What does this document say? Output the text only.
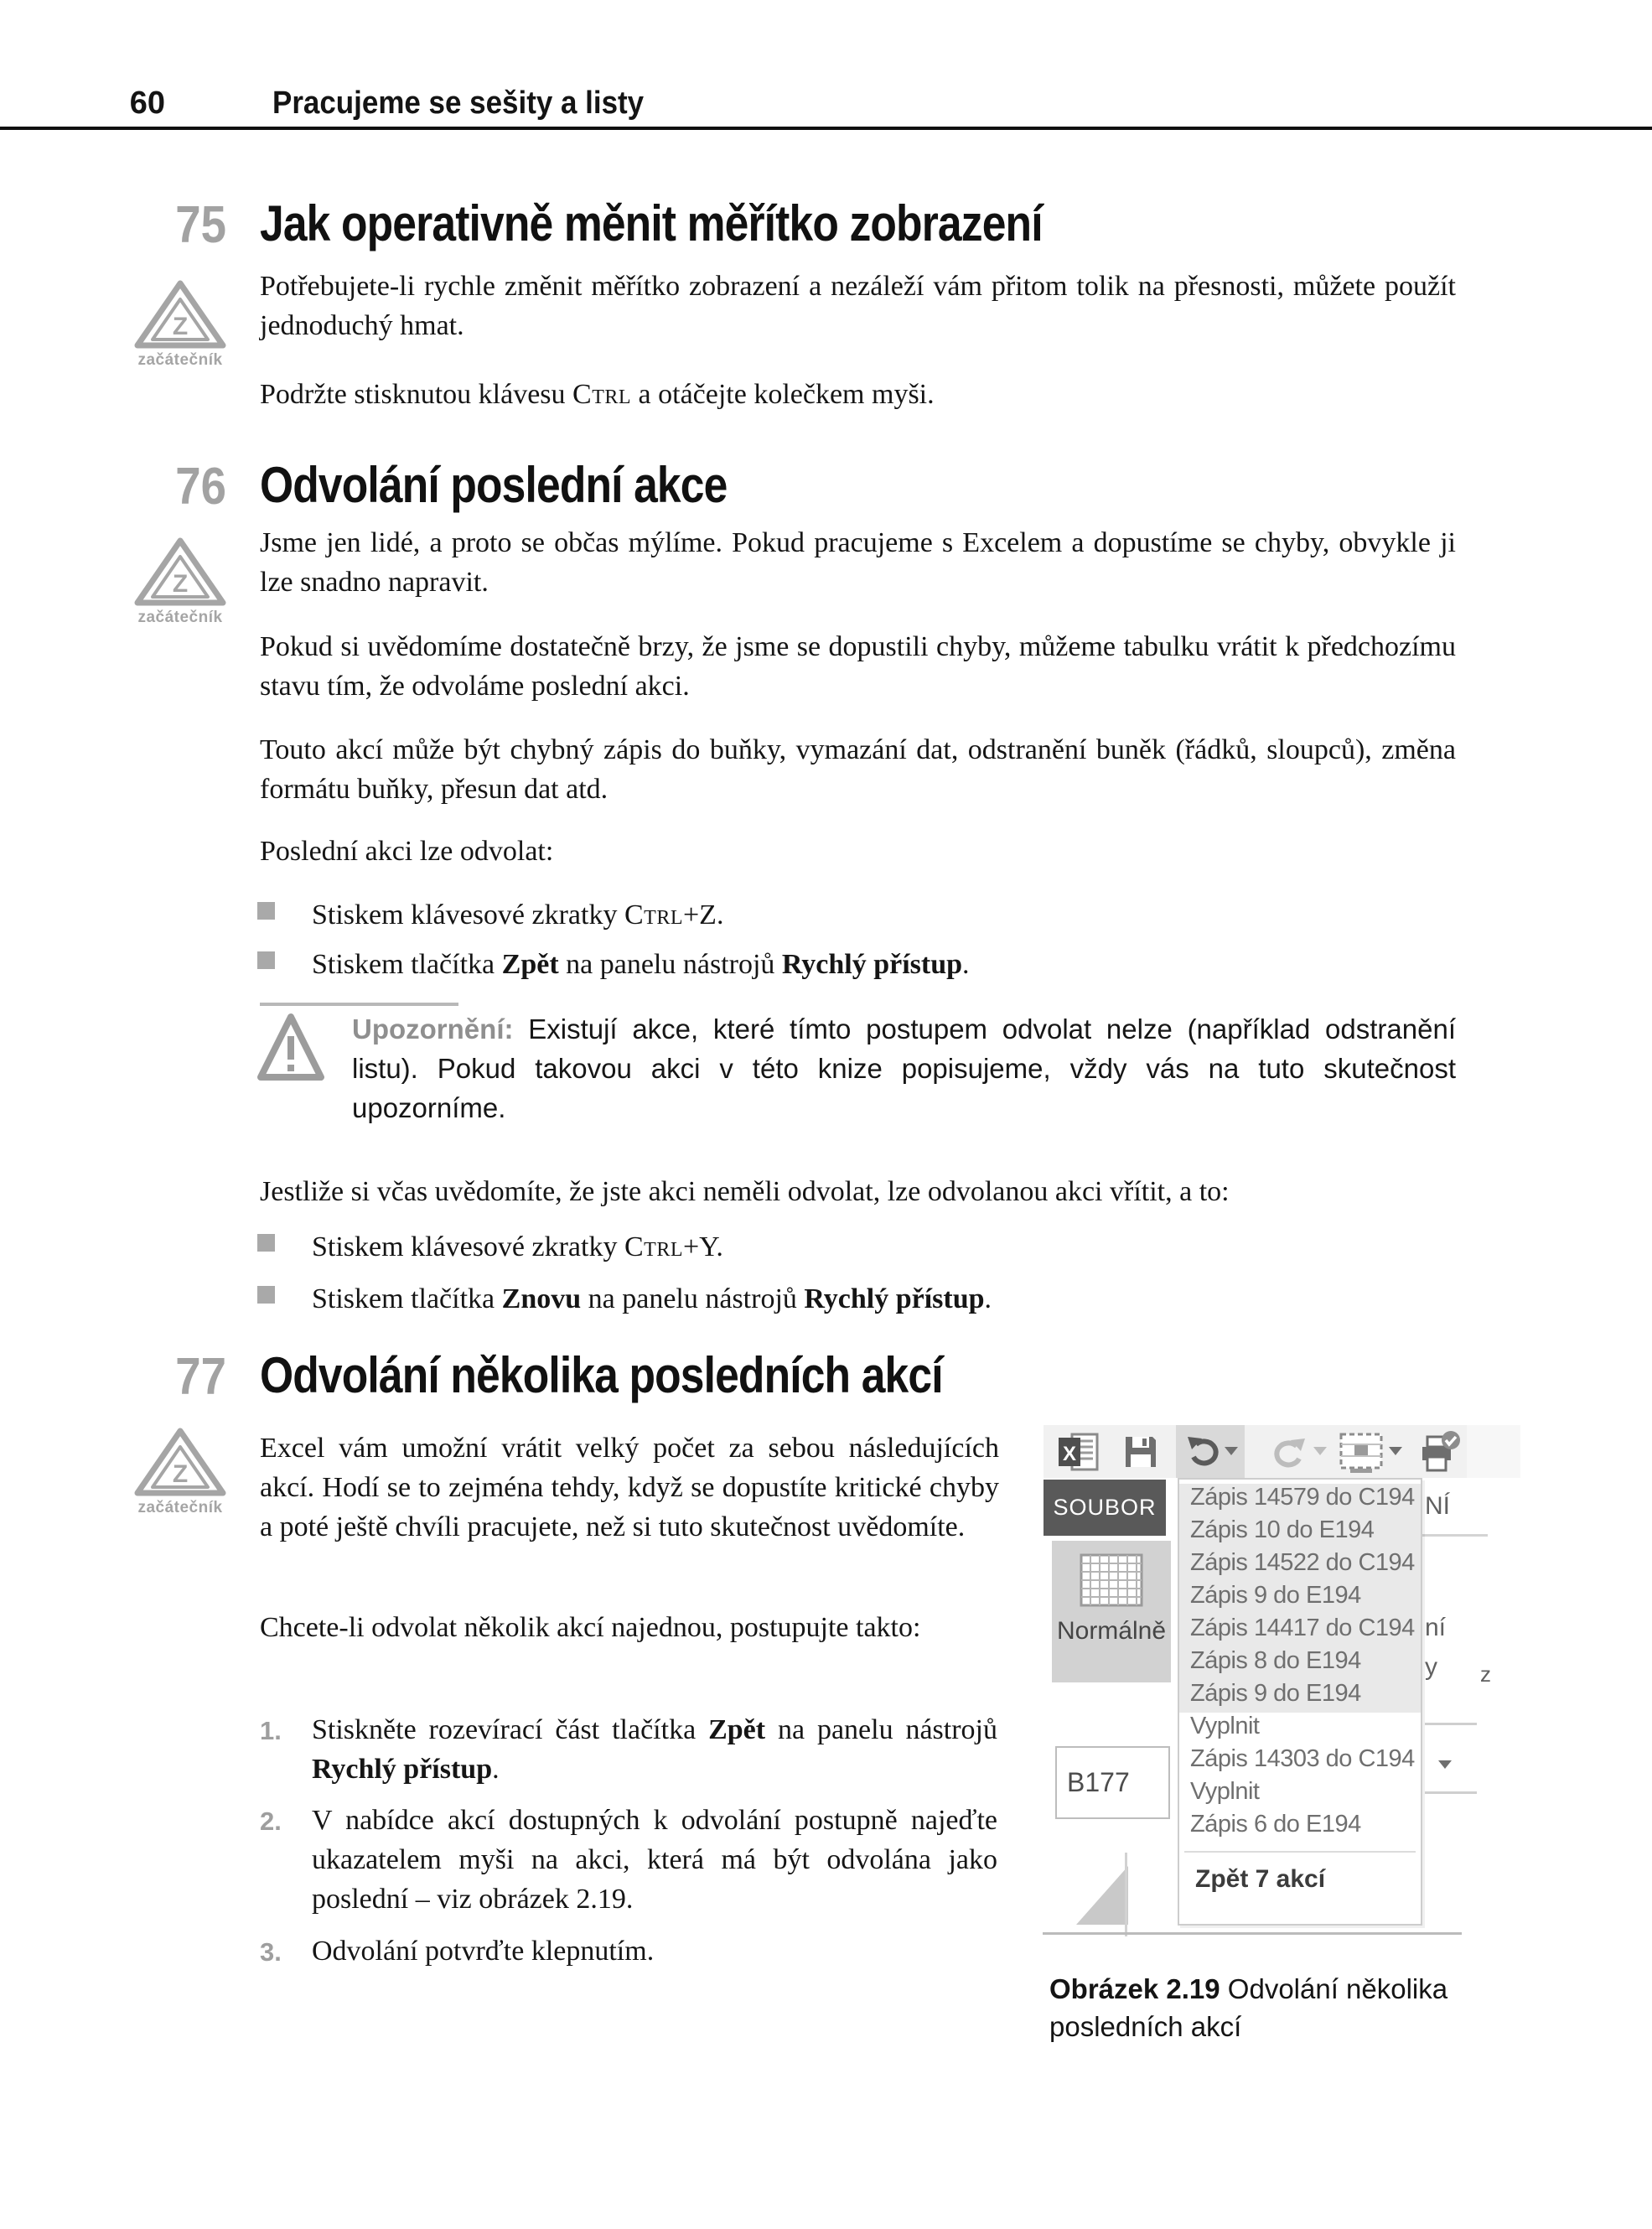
60	Pracujeme se sešity a listy
75 Jak operativně měnit měřítko zobrazení
Z
začátečník
Potřebujete-li rychle změnit měřítko zobrazení a nezáleží vám přitom tolik na přesnosti, můžete použít jednoduchý hmat.
Podržte stisknutou klávesu Ctrl a otáčejte kolečkem myši.
76 Odvolání poslední akce
Z
začátečník
Jsme jen lidé, a proto se občas mýlíme. Pokud pracujeme s Excelem a dopustíme se chyby, obvykle ji lze snadno napravit.
Pokud si uvědomíme dostatečně brzy, že jsme se dopustili chyby, můžeme tabulku vrátit k předchozímu stavu tím, že odvoláme poslední akci.
Touto akcí může být chybný zápis do buňky, vymazání dat, odstranění buněk (řádků, sloupců), změna formátu buňky, přesun dat atd.
Poslední akci lze odvolat:
Stiskem klávesové zkratky Ctrl+Z.
Stiskem tlačítka Zpět na panelu nástrojů Rychlý přístup.
Upozornění: Existují akce, které tímto postupem odvolat nelze (například odstranění listu). Pokud takovou akci v této knize popisujeme, vždy vás na tuto skutečnost upozorníme.
Jestliže si včas uvědomíte, že jste akci neměli odvolat, lze odvolanou akci vřítit, a to:
Stiskem klávesové zkratky Ctrl+Y.
Stiskem tlačítka Znovu na panelu nástrojů Rychlý přístup.
77 Odvolání několika posledních akcí
Z
začátečník
Excel vám umožní vrátit velký počet za sebou následujících akcí. Hodí se to zejména tehdy, když se dopustíte kritické chyby a poté ještě chvíli pracujete, než si tuto skutečnost uvědomíte.
Chcete-li odvolat několik akcí najednou, postupujte takto:
1. Stiskněte rozevírací část tlačítka Zpět na panelu nástrojů Rychlý přístup.
2. V nabídce akcí dostupných k odvolání postupně najeďte ukazatelem myši na akci, která má být odvolána jako poslední – viz obrázek 2.19.
3. Odvolání potvrďte klepnutím.
X
SOUBOR	NÍ
Normálně
Zápis 14579 do C194
Zápis 10 do E194
Zápis 14522 do C194
Zápis 9 do E194
Zápis 14417 do C194
Zápis 8 do E194
Zápis 9 do E194
Vyplnit
Zápis 14303 do C194
Vyplnit
Zápis 6 do E194
Zpět 7 akcí
B177
ní
y z
Obrázek 2.19 Odvolání několika posledních akcí
